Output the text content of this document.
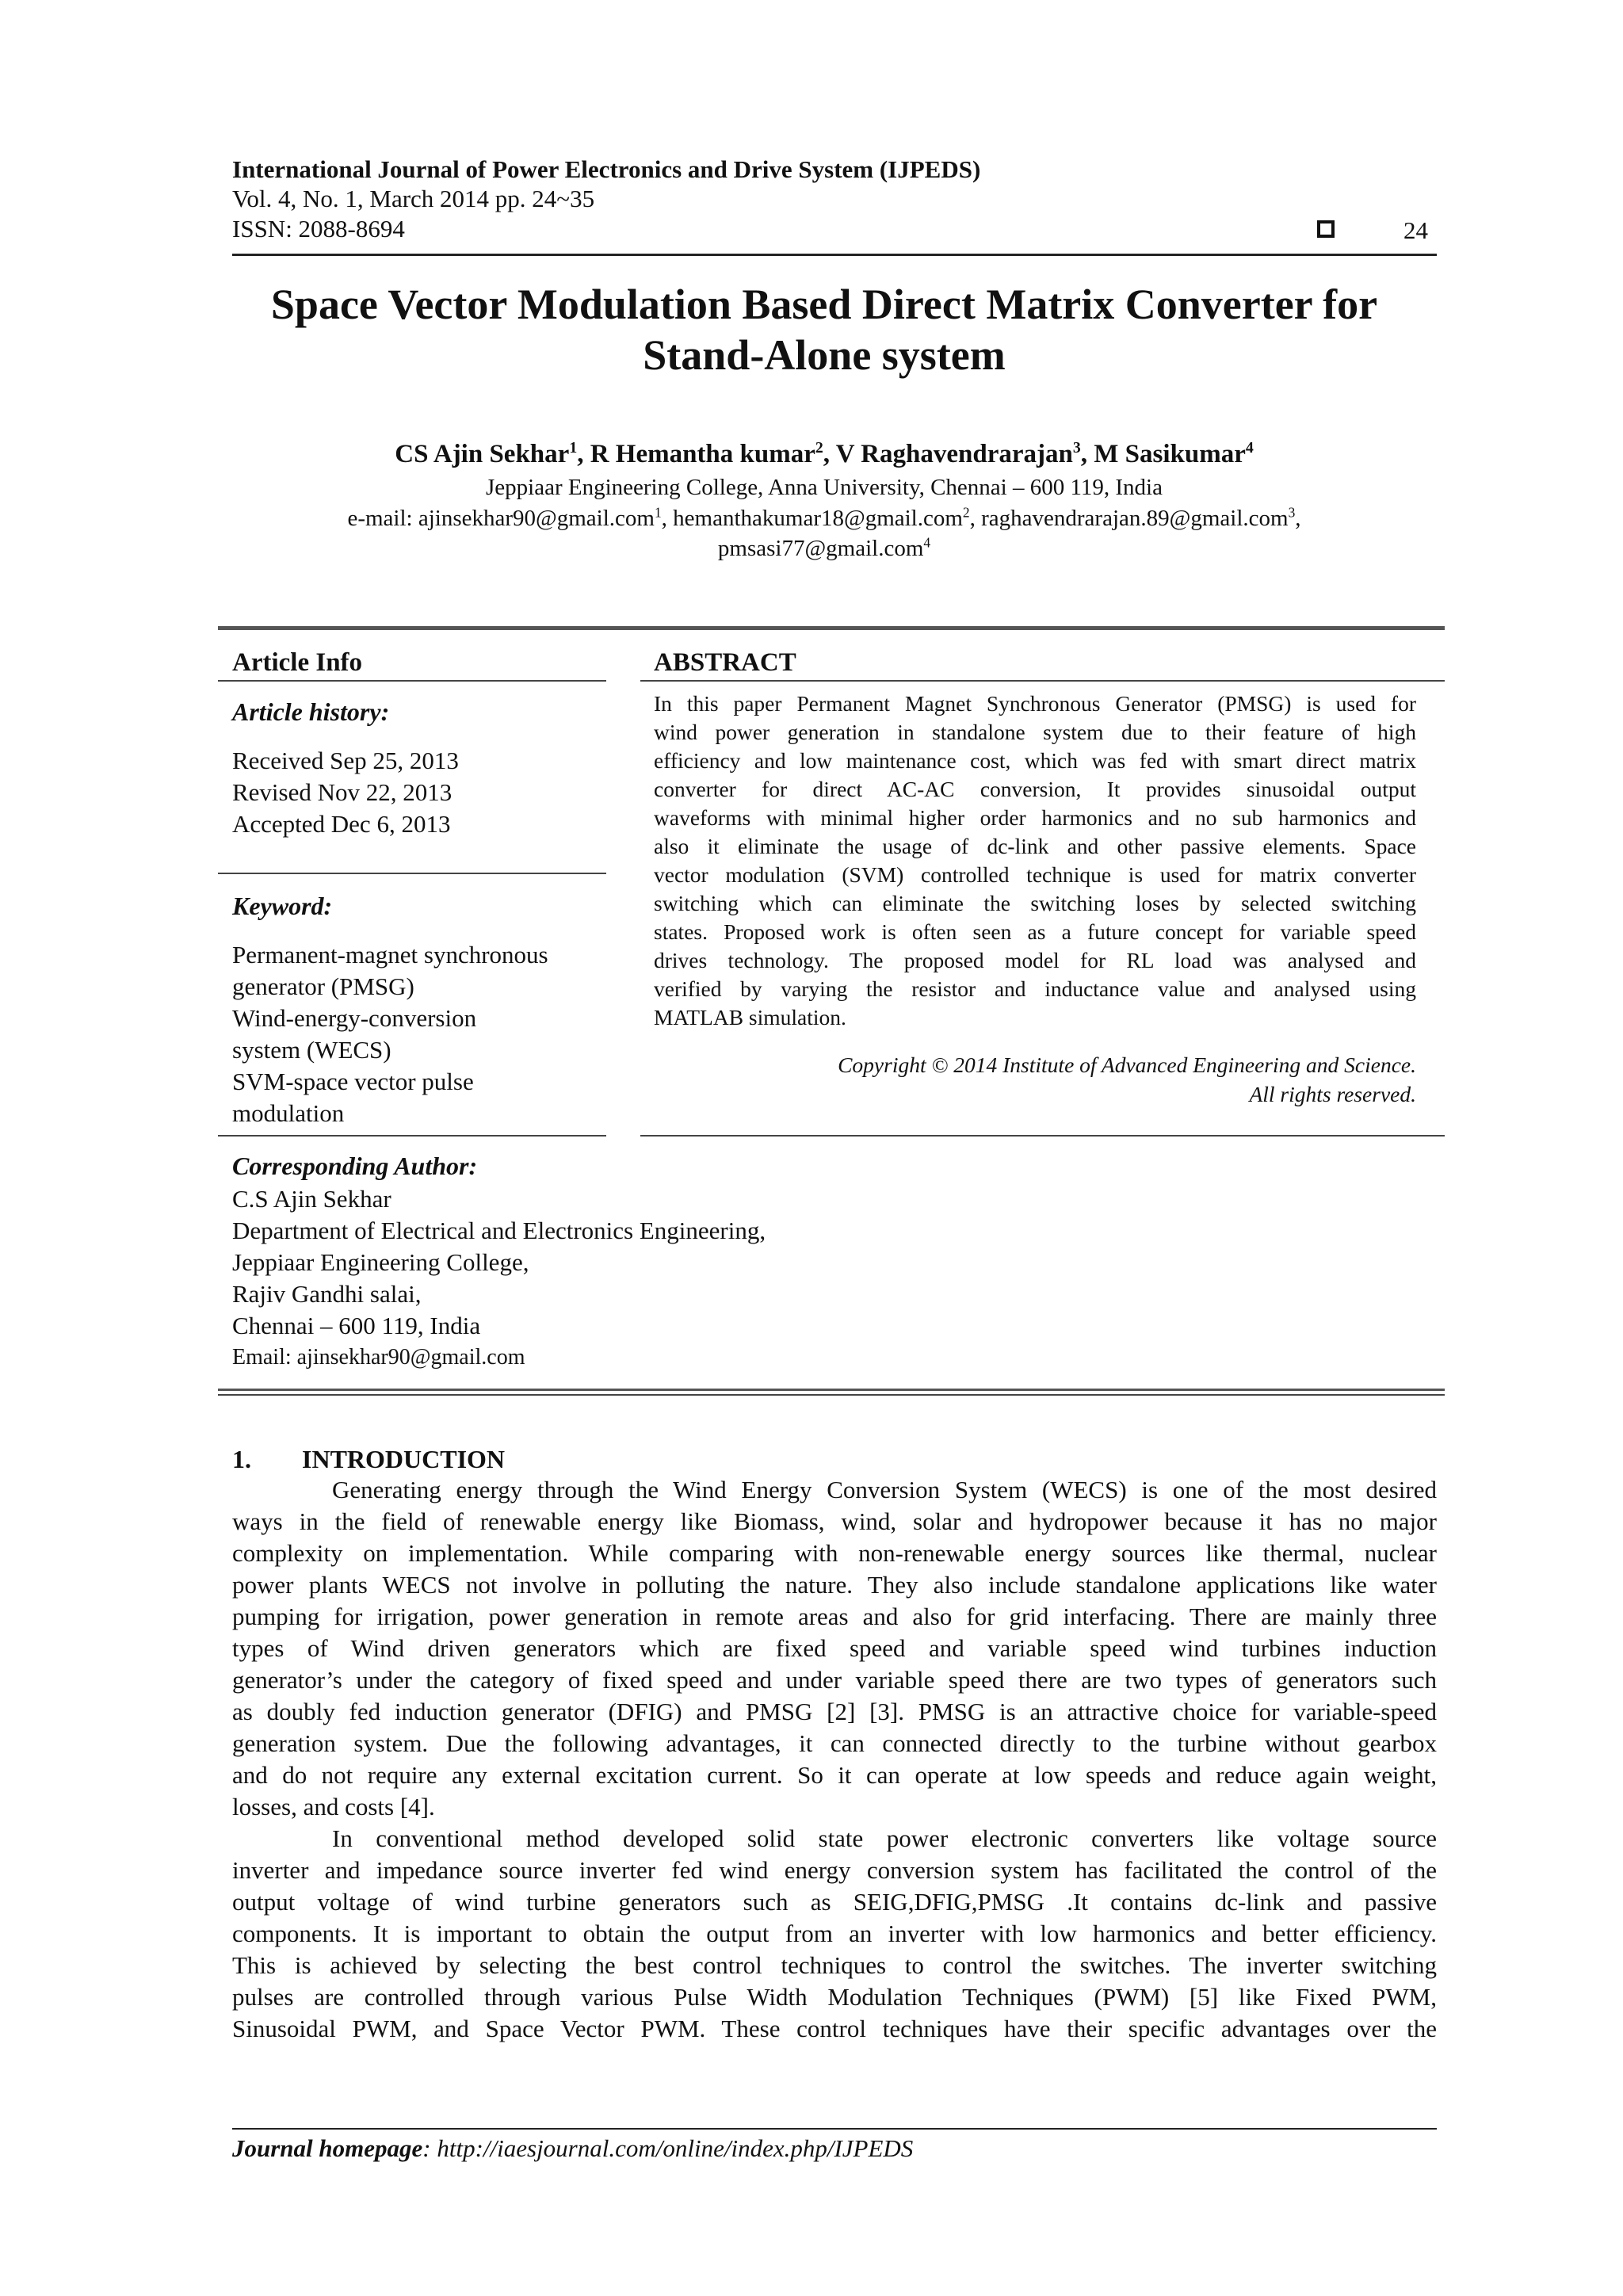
International Journal of Power Electronics and Drive System (IJPEDS)
Vol. 4, No. 1, March 2014 pp. 24~35
ISSN: 2088-8694	24
Space Vector Modulation Based Direct Matrix Converter for
Stand-Alone system
CS Ajin Sekhar$^1$, R Hemantha kumar$^2$, V Raghavendrarajan$^3$, M Sasikumar$^4$
Jeppiaar Engineering College, Anna University, Chennai – 600 119, India
e-mail: ajinsekhar90@gmail.com$^1$, hemanthakumar18@gmail.com$^2$, raghavendrarajan.89@gmail.com$^3$,
pmsasi77@gmail.com$^4$
Article Info
Article history:
Received Sep 25, 2013
Revised Nov 22, 2013
Accepted Dec 6, 2013
Keyword:
Permanent-magnet synchronous
generator (PMSG)
Wind-energy-conversion
system (WECS)
SVM-space vector pulse
modulation
ABSTRACT
In this paper Permanent Magnet Synchronous Generator (PMSG) is used for
wind power generation in standalone system due to their feature of high
efficiency and low maintenance cost, which was fed with smart direct matrix
converter for direct AC-AC conversion, It provides sinusoidal output
waveforms with minimal higher order harmonics and no sub harmonics and
also it eliminate the usage of dc-link and other passive elements. Space
vector modulation (SVM) controlled technique is used for matrix converter
switching which can eliminate the switching loses by selected switching
states. Proposed work is often seen as a future concept for variable speed
drives technology. The proposed model for RL load was analysed and
verified by varying the resistor and inductance value and analysed using
MATLAB simulation.
Copyright © 2014 Institute of Advanced Engineering and Science.
All rights reserved.
Corresponding Author:
C.S Ajin Sekhar
Department of Electrical and Electronics Engineering,
Jeppiaar Engineering College,
Rajiv Gandhi salai,
Chennai – 600 119, India
Email: ajinsekhar90@gmail.com
1. INTRODUCTION
Generating energy through the Wind Energy Conversion System (WECS) is one of the most desired
ways in the field of renewable energy like Biomass, wind, solar and hydropower because it has no major
complexity on implementation. While comparing with non-renewable energy sources like thermal, nuclear
power plants WECS not involve in polluting the nature. They also include standalone applications like water
pumping for irrigation, power generation in remote areas and also for grid interfacing. There are mainly three
types of Wind driven generators which are fixed speed and variable speed wind turbines induction
generator’s under the category of fixed speed and under variable speed there are two types of generators such
as doubly fed induction generator (DFIG) and PMSG [2] [3]. PMSG is an attractive choice for variable-speed
generation system. Due the following advantages, it can connected directly to the turbine without gearbox
and do not require any external excitation current. So it can operate at low speeds and reduce again weight,
losses, and costs [4].
In conventional method developed solid state power electronic converters like voltage source
inverter and impedance source inverter fed wind energy conversion system has facilitated the control of the
output voltage of wind turbine generators such as SEIG,DFIG,PMSG .It contains dc-link and passive
components. It is important to obtain the output from an inverter with low harmonics and better efficiency.
This is achieved by selecting the best control techniques to control the switches. The inverter switching
pulses are controlled through various Pulse Width Modulation Techniques (PWM) [5] like Fixed PWM,
Sinusoidal PWM, and Space Vector PWM. These control techniques have their specific advantages over the
Journal homepage: http://iaesjournal.com/online/index.php/IJPEDS
